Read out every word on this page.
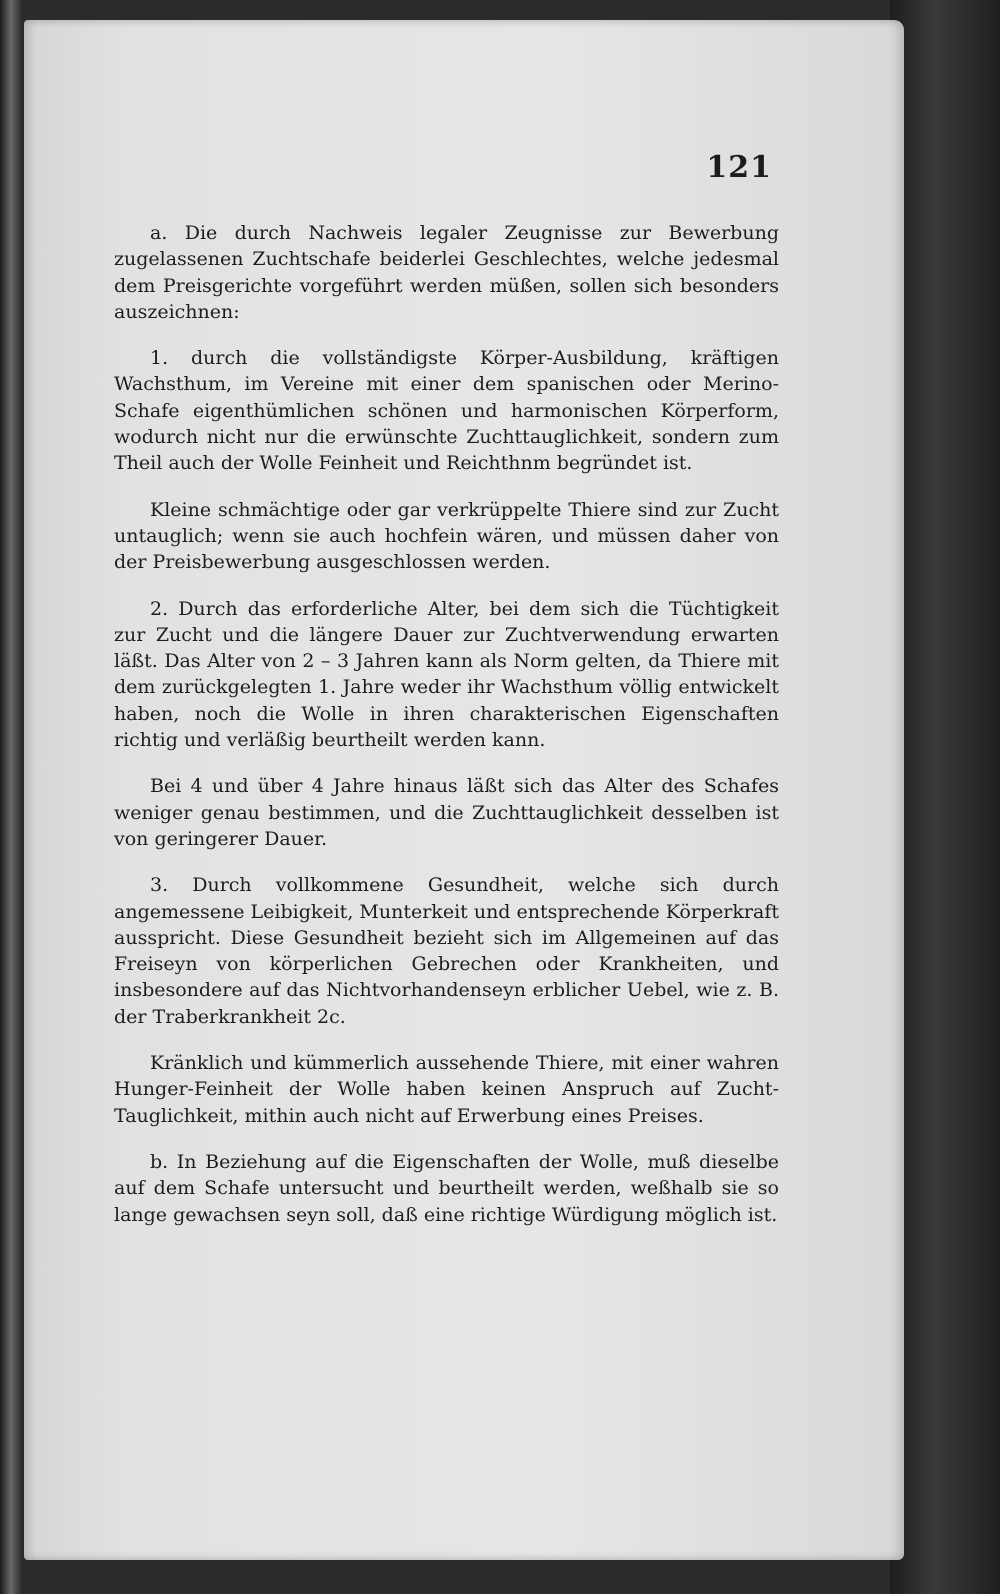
121

a. Die durch Nachweis legaler Zeugnisse zur Bewerbung zugelassenen Zuchtschafe beiderlei Geschlechtes, welche jedesmal dem Preisgerichte vorgeführt werden müßen, sollen sich besonders auszeichnen:

1. durch die vollständigste Körper-Ausbildung, kräftigen Wachsthum, im Vereine mit einer dem spanischen oder Merino-Schafe eigenthümlichen schönen und harmonischen Körperform, wodurch nicht nur die erwünschte Zuchttauglichkeit, sondern zum Theil auch der Wolle Feinheit und Reichthnm begründet ist.

Kleine schmächtige oder gar verkrüppelte Thiere sind zur Zucht untauglich; wenn sie auch hochfein wären, und müssen daher von der Preisbewerbung ausgeschlossen werden.

2. Durch das erforderliche Alter, bei dem sich die Tüchtigkeit zur Zucht und die längere Dauer zur Zuchtverwendung erwarten läßt. Das Alter von 2 – 3 Jahren kann als Norm gelten, da Thiere mit dem zurückgelegten 1. Jahre weder ihr Wachsthum völlig entwickelt haben, noch die Wolle in ihren charakterischen Eigenschaften richtig und verläßig beurtheilt werden kann.

Bei 4 und über 4 Jahre hinaus läßt sich das Alter des Schafes weniger genau bestimmen, und die Zuchttauglichkeit desselben ist von geringerer Dauer.

3. Durch vollkommene Gesundheit, welche sich durch angemessene Leibigkeit, Munterkeit und entsprechende Körperkraft ausspricht. Diese Gesundheit bezieht sich im Allgemeinen auf das Freiseyn von körperlichen Gebrechen oder Krankheiten, und insbesondere auf das Nichtvorhandenseyn erblicher Uebel, wie z. B. der Traberkrankheit 2c.

Kränklich und kümmerlich aussehende Thiere, mit einer wahren Hunger-Feinheit der Wolle haben keinen Anspruch auf Zucht-Tauglichkeit, mithin auch nicht auf Erwerbung eines Preises.

b. In Beziehung auf die Eigenschaften der Wolle, muß dieselbe auf dem Schafe untersucht und beurtheilt werden, weßhalb sie so lange gewachsen seyn soll, daß eine richtige Würdigung möglich ist.
